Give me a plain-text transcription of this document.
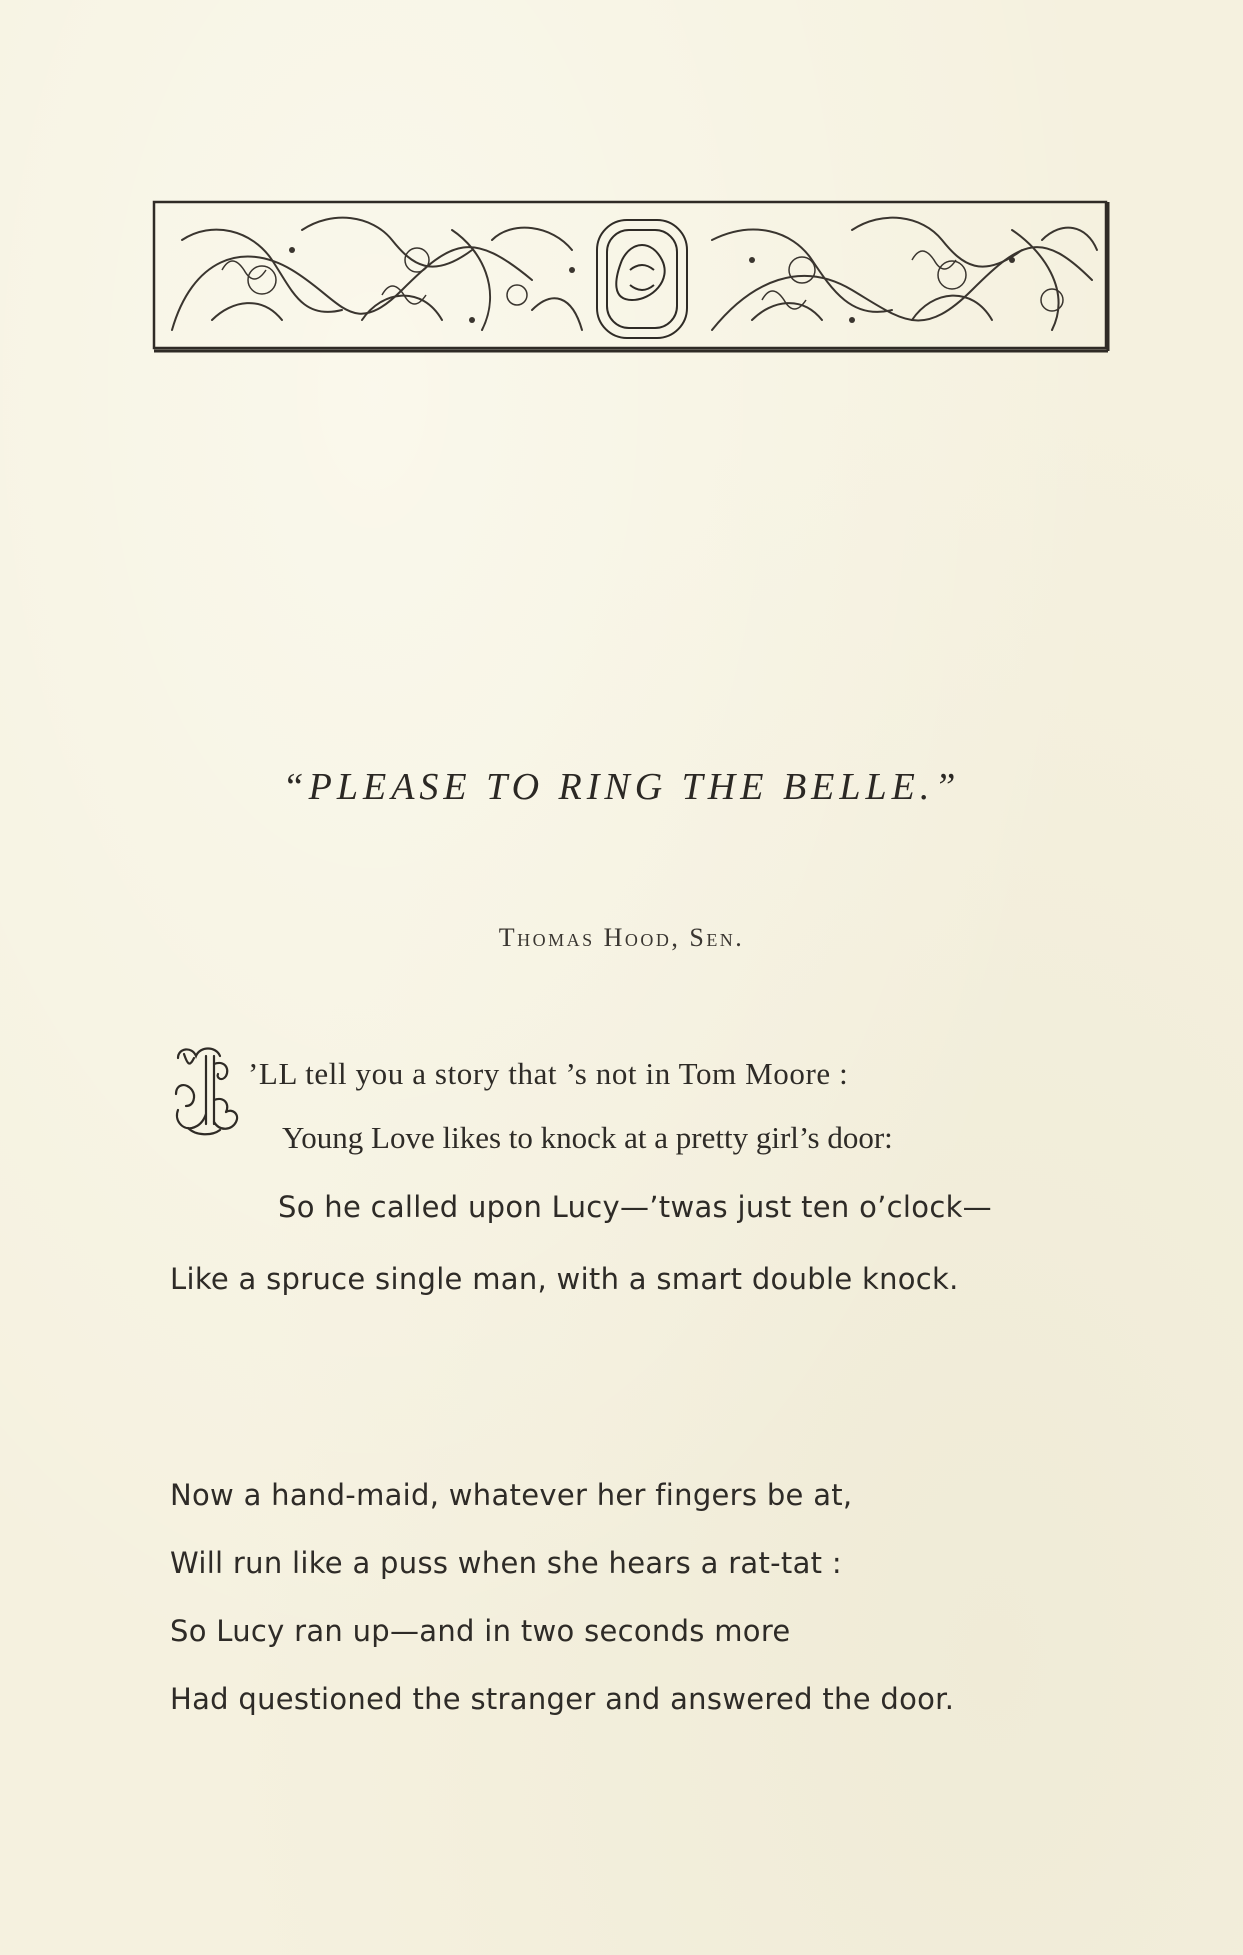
“PLEASE TO RING THE BELLE.”
Thomas Hood, Sen.
I
’LL tell you a story that ’s not in Tom Moore :
Young Love likes to knock at a pretty girl’s door:
So he called upon Lucy—’twas just ten o’clock—
Like a spruce single man, with a smart double knock.
Now a hand-maid, whatever her fingers be at,
Will run like a puss when she hears a rat-tat :
So Lucy ran up—and in two seconds more
Had questioned the stranger and answered the door.
